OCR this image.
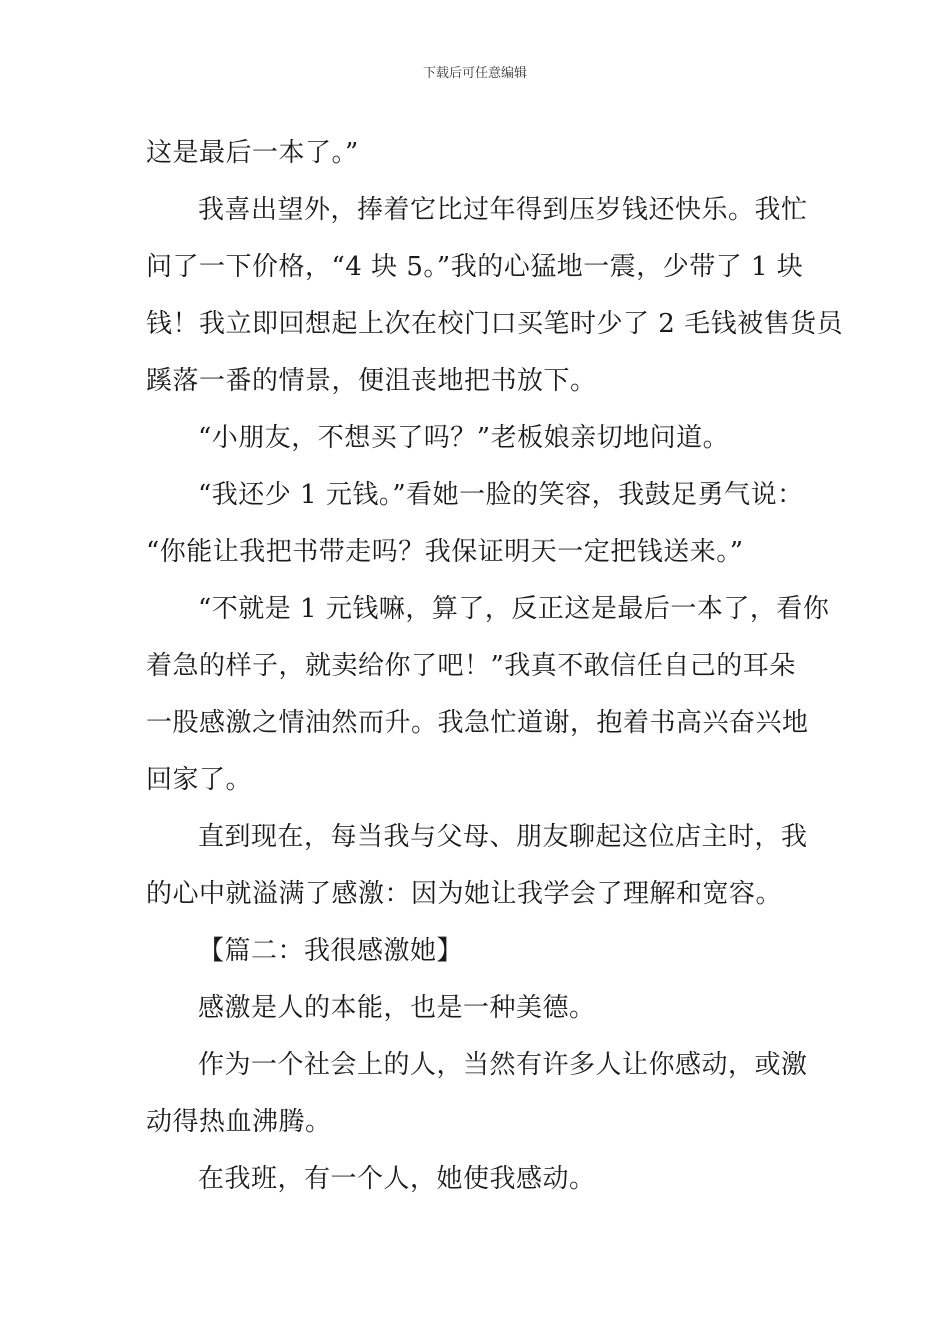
下载后可任意编辑
这是最后一本了。”
我喜出望外，捧着它比过年得到压岁钱还快乐。我忙
问了一下价格，“4 块 5。”我的心猛地一震，少带了 1 块
钱！我立即回想起上次在校门口买笔时少了 2 毛钱被售货员
蹊落一番的情景，便沮丧地把书放下。
“小朋友，不想买了吗？”老板娘亲切地问道。
“我还少 1 元钱。”看她一脸的笑容，我鼓足勇气说：
“你能让我把书带走吗？我保证明天一定把钱送来。”
“不就是 1 元钱嘛，算了，反正这是最后一本了，看你
着急的样子，就卖给你了吧！”我真不敢信任自己的耳朵
一股感激之情油然而升。我急忙道谢，抱着书高兴奋兴地
回家了。
直到现在，每当我与父母、朋友聊起这位店主时，我
的心中就溢满了感激：因为她让我学会了理解和宽容。
【篇二：我很感激她】
感激是人的本能，也是一种美德。
作为一个社会上的人，当然有许多人让你感动，或激
动得热血沸腾。
在我班，有一个人，她使我感动。
